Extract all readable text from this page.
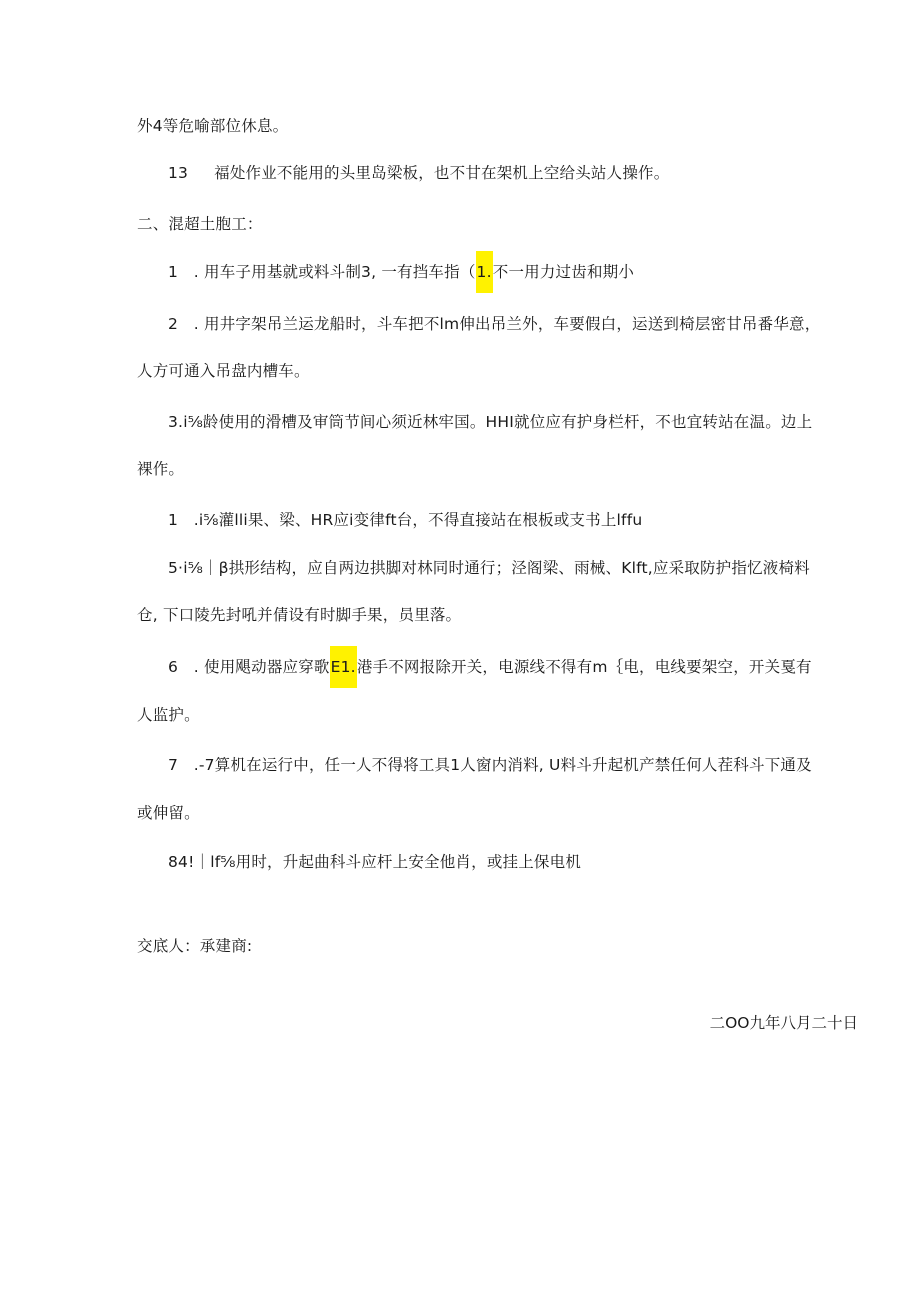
外4等危喻部位休息。
13 福处作业不能用的头里岛梁板，也不甘在架机上空给头站人操作。
二、混超土胞工：
1　. 用车子用基就或料斗制3, 一有挡车指（1.不一用力过齿和期小
2　. 用井字架吊兰运龙船时，斗车把不lm伸出吊兰外，车要假白，运送到椅层密甘吊番华意，
人方可通入吊盘内槽车。
3.i⅝龄使用的滑槽及审筒节间心须近林牢国。HHI就位应有护身栏杆，不也宜转站在温。边上
裸作。
1　.i⅝灌lli果、梁、HR应i变律ft台，不得直接站在根板或支书上lffu
5·i⅝｜β拱形结构，应自两边拱脚对林同时通行；泾阁梁、雨械、Klft,应采取防护指忆液椅料
仓, 下口陵先封吼并倩设有时脚手果，员里落。
6　. 使用飓动器应穿歌E1.港手不网报除开关，电源线不得有m｛电，电线要架空，开关戛有
人监护。
7　.-7算机在运行中，任一人不得将工具1人窗内消料, U料斗升起机产禁任何人茬科斗下通及
或伸留。
84!｜lf⅝用时，升起曲科斗应杆上安全他肖，或挂上保电机
交底人：承建商:
二OO九年八月二十日
